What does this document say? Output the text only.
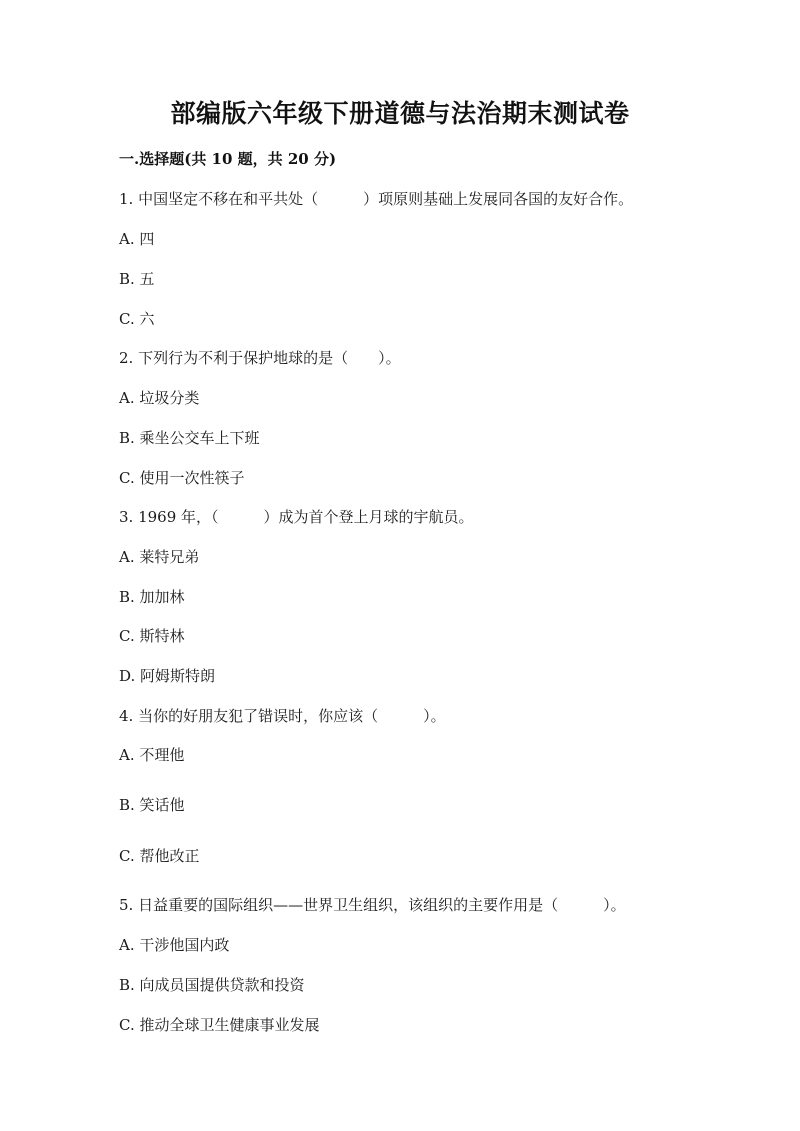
部编版六年级下册道德与法治期末测试卷
一.选择题(共 10 题，共 20 分)
1. 中国坚定不移在和平共处（　　　）项原则基础上发展同各国的友好合作。
A. 四
B. 五
C. 六
2. 下列行为不利于保护地球的是（　　）。
A. 垃圾分类
B. 乘坐公交车上下班
C. 使用一次性筷子
3. 1969 年，（　　　）成为首个登上月球的宇航员。
A. 莱特兄弟
B. 加加林
C. 斯特林
D. 阿姆斯特朗
4. 当你的好朋友犯了错误时，你应该（　　　）。
A. 不理他
B. 笑话他
C. 帮他改正
5. 日益重要的国际组织——世界卫生组织，该组织的主要作用是（　　　）。
A. 干涉他国内政
B. 向成员国提供贷款和投资
C. 推动全球卫生健康事业发展
